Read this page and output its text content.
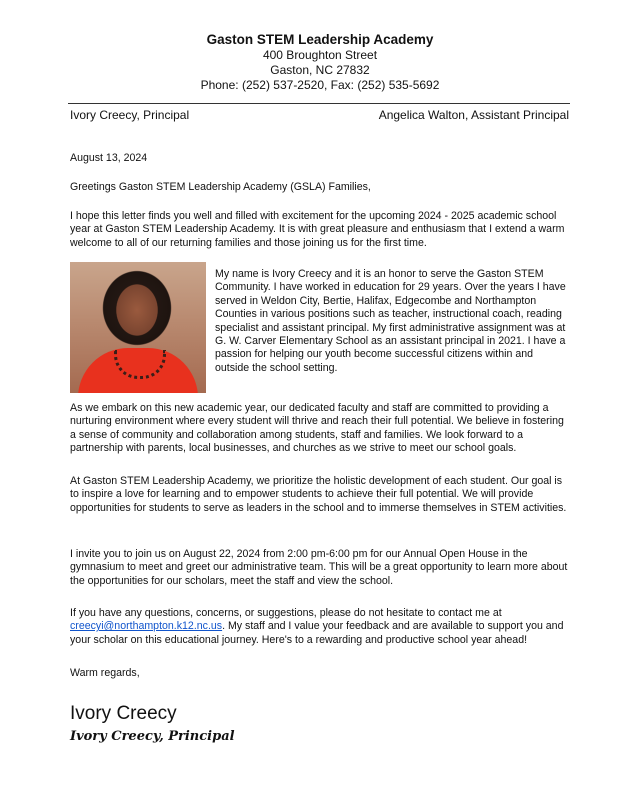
Gaston STEM Leadership Academy

400 Broughton Street

Gaston, NC 27832

Phone: (252) 537-2520, Fax: (252) 535-5692

Ivory Creecy, Principal	Angelica Walton, Assistant Principal

August 13, 2024

Greetings Gaston STEM Leadership Academy (GSLA) Families,

I hope this letter finds you well and filled with excitement for the upcoming 2024 - 2025 academic school year at Gaston STEM Leadership Academy. It is with great pleasure and enthusiasm that I extend a warm welcome to all of our returning families and those joining us for the first time.

My name is Ivory Creecy and it is an honor to serve the Gaston STEM Community. I have worked in education for 29 years. Over the years I have served in Weldon City, Bertie, Halifax, Edgecombe and Northampton Counties in various positions such as teacher, instructional coach, reading specialist and assistant principal. My first administrative assignment was at G. W. Carver Elementary School as an assistant principal in 2021. I have a passion for helping our youth become successful citizens within and outside the school setting.

As we embark on this new academic year, our dedicated faculty and staff are committed to providing a nurturing environment where every student will thrive and reach their full potential. We believe in fostering a sense of community and collaboration among students, staff and families. We look forward to a partnership with parents, local businesses, and churches as we strive to meet our school goals.

At Gaston STEM Leadership Academy, we prioritize the holistic development of each student. Our goal is to inspire a love for learning and to empower students to achieve their full potential. We will provide opportunities for students to serve as leaders in the school and to immerse themselves in STEM activities.

I invite you to join us on August 22, 2024 from 2:00 pm-6:00 pm for our Annual Open House in the gymnasium to meet and greet our administrative team. This will be a great opportunity to learn more about the opportunities for our scholars, meet the staff and view the school.

If you have any questions, concerns, or suggestions, please do not hesitate to contact me at creecyi@northampton.k12.nc.us. My staff and I value your feedback and are available to support you and your scholar on this educational journey. Here's to a rewarding and productive school year ahead!

Warm regards,

Ivory Creecy
Ivory Creecy, Principal
